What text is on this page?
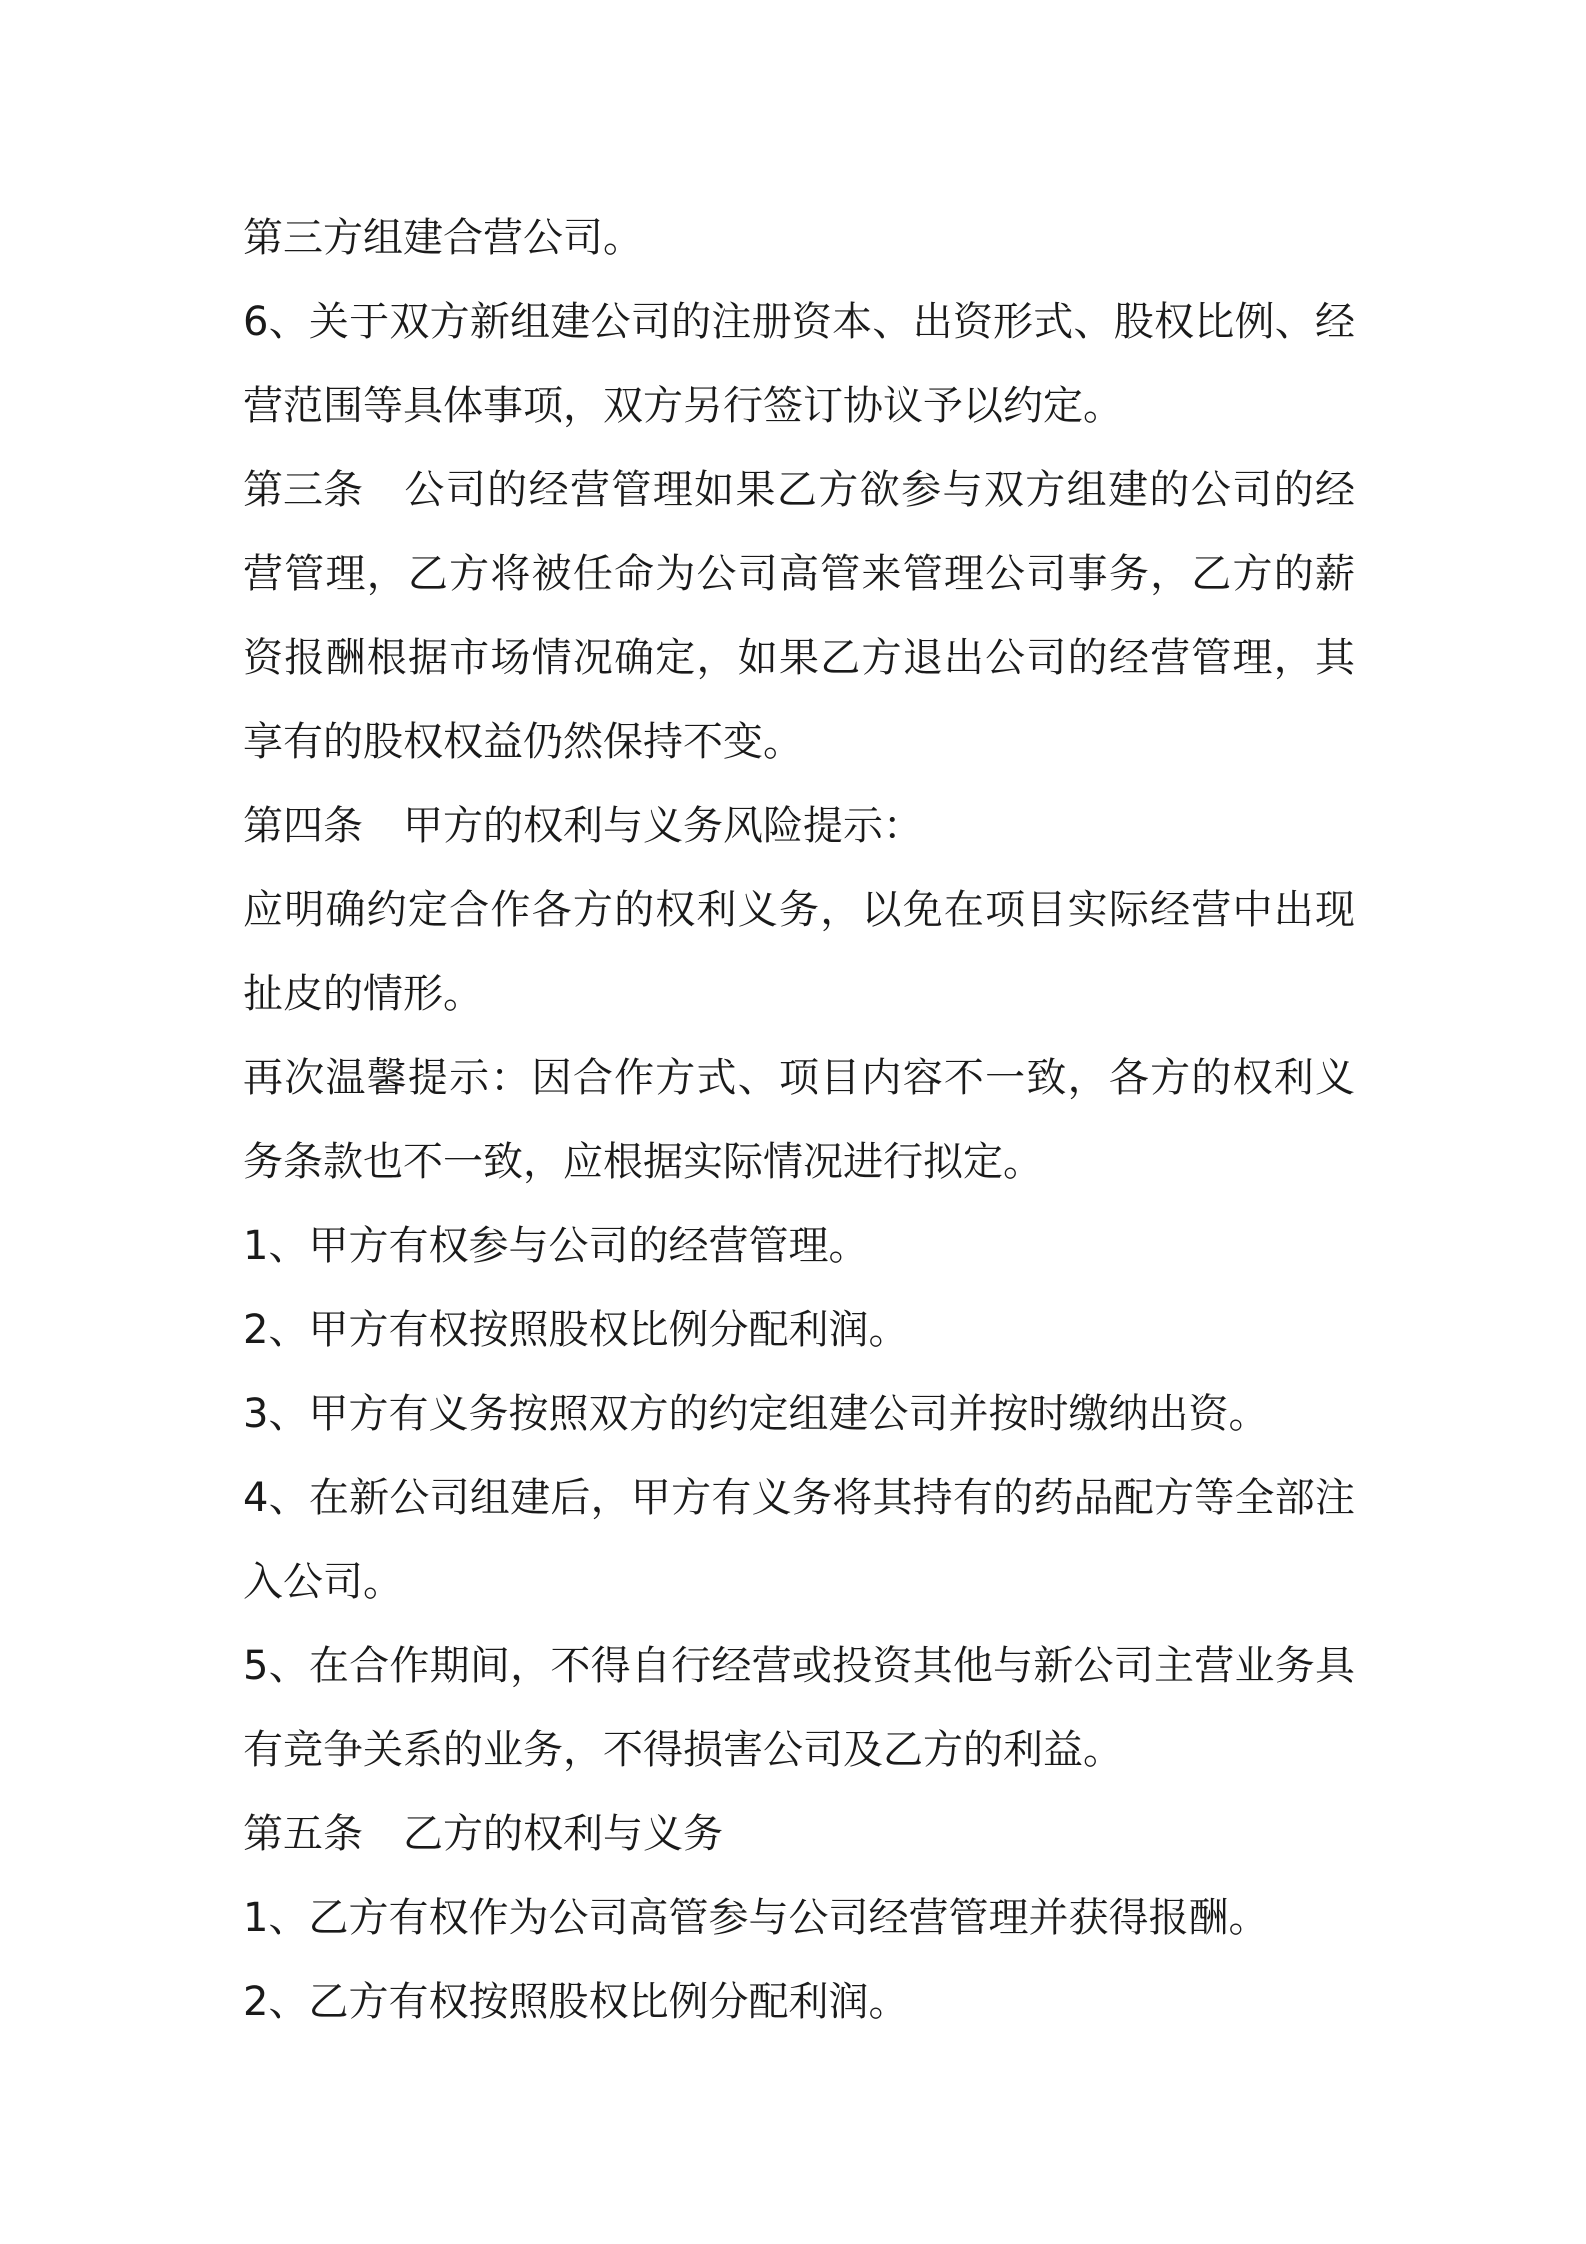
第三方组建合营公司。

6、关于双方新组建公司的注册资本、出资形式、股权比例、经营范围等具体事项，双方另行签订协议予以约定。

第三条 公司的经营管理如果乙方欲参与双方组建的公司的经营管理，乙方将被任命为公司高管来管理公司事务，乙方的薪资报酬根据市场情况确定，如果乙方退出公司的经营管理，其享有的股权权益仍然保持不变。

第四条 甲方的权利与义务风险提示：

应明确约定合作各方的权利义务，以免在项目实际经营中出现扯皮的情形。

再次温馨提示：因合作方式、项目内容不一致，各方的权利义务条款也不一致，应根据实际情况进行拟定。

1、甲方有权参与公司的经营管理。

2、甲方有权按照股权比例分配利润。

3、甲方有义务按照双方的约定组建公司并按时缴纳出资。

4、在新公司组建后，甲方有义务将其持有的药品配方等全部注入公司。

5、在合作期间，不得自行经营或投资其他与新公司主营业务具有竞争关系的业务，不得损害公司及乙方的利益。

第五条 乙方的权利与义务

1、乙方有权作为公司高管参与公司经营管理并获得报酬。

2、乙方有权按照股权比例分配利润。
